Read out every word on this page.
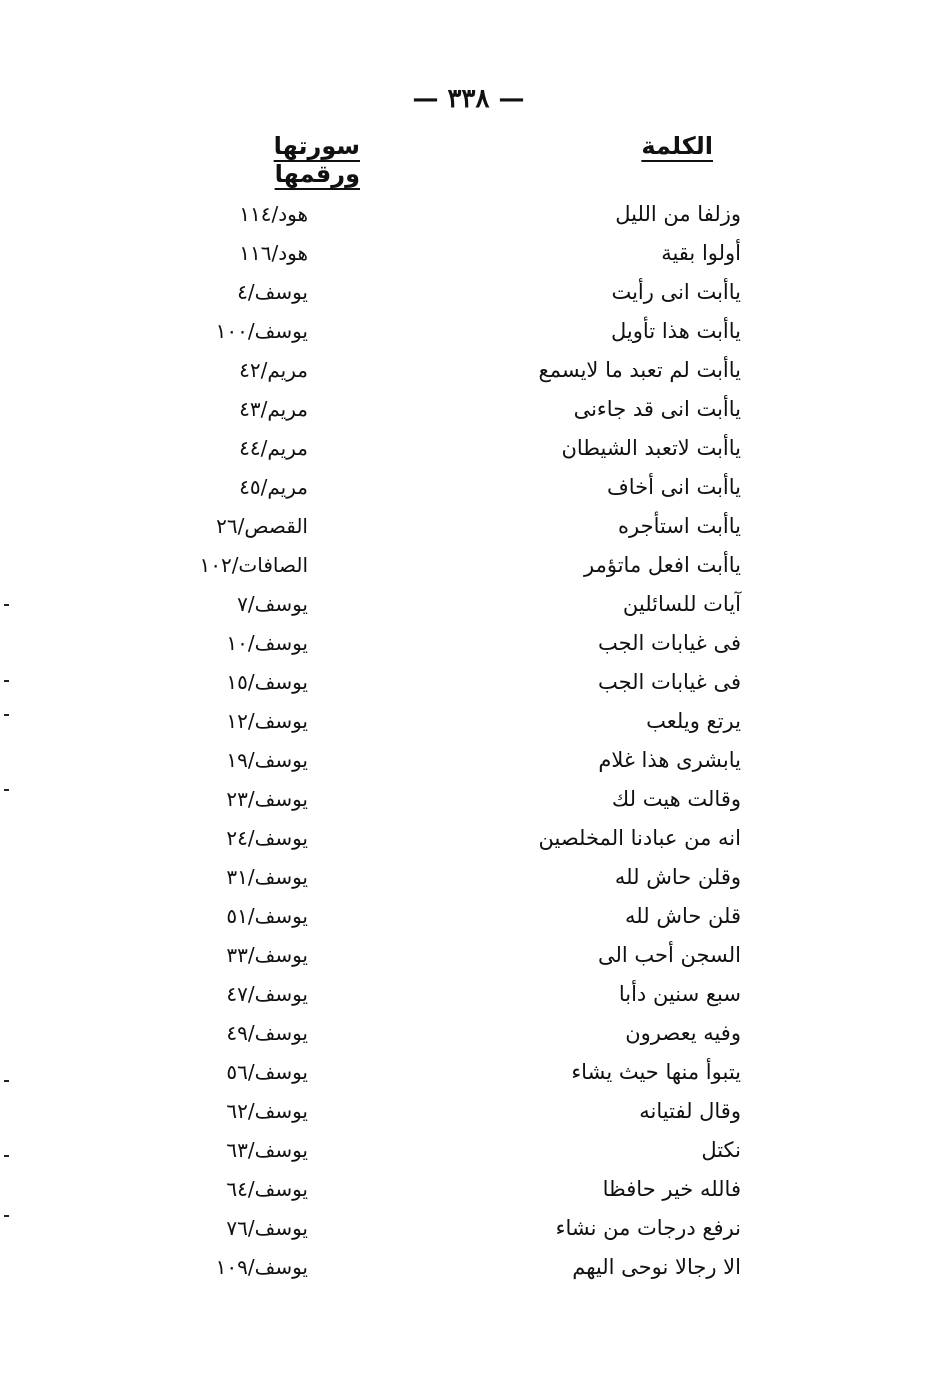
— ٣٣٨ —
الكلمة
سورتها ورقمها
وزلفا من الليل
هود/١١٤
أولوا بقية
هود/١١٦
ياأبت انى رأيت
يوسف/٤
ياأبت هذا تأويل
يوسف/١٠٠
ياأبت لم تعبد ما لايسمع
مريم/٤٢
ياأبت انى قد جاءنى
مريم/٤٣
ياأبت لاتعبد الشيطان
مريم/٤٤
ياأبت انى أخاف
مريم/٤٥
ياأبت استأجره
القصص/٢٦
ياأبت افعل ماتؤمر
الصافات/١٠٢
آيات للسائلين
يوسف/٧
فى غيابات الجب
يوسف/١٠
فى غيابات الجب
يوسف/١٥
يرتع ويلعب
يوسف/١٢
يابشرى هذا غلام
يوسف/١٩
وقالت هيت لك
يوسف/٢٣
انه من عبادنا المخلصين
يوسف/٢٤
وقلن حاش لله
يوسف/٣١
قلن حاش لله
يوسف/٥١
السجن أحب الى
يوسف/٣٣
سبع سنين دأبا
يوسف/٤٧
وفيه يعصرون
يوسف/٤٩
يتبوأ منها حيث يشاء
يوسف/٥٦
وقال لفتيانه
يوسف/٦٢
نكتل
يوسف/٦٣
فالله خير حافظا
يوسف/٦٤
نرفع درجات من نشاء
يوسف/٧٦
الا رجالا نوحى اليهم
يوسف/١٠٩
